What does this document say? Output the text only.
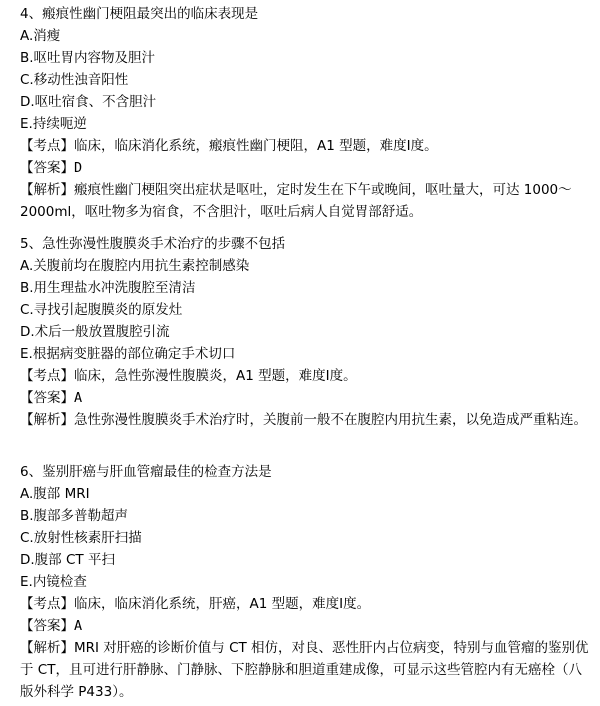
4、瘢痕性幽门梗阻最突出的临床表现是
A.消瘦
B.呕吐胃内容物及胆汁
C.移动性浊音阳性
D.呕吐宿食、不含胆汁
E.持续呃逆
【考点】临床，临床消化系统，瘢痕性幽门梗阻，A1 型题，难度Ⅰ度。
【答案】D
【解析】瘢痕性幽门梗阻突出症状是呕吐，定时发生在下午或晚间，呕吐量大，可达 1000～2000ml，呕吐物多为宿食，不含胆汁，呕吐后病人自觉胃部舒适。
5、急性弥漫性腹膜炎手术治疗的步骤不包括
A.关腹前均在腹腔内用抗生素控制感染
B.用生理盐水冲洗腹腔至清洁
C.寻找引起腹膜炎的原发灶
D.术后一般放置腹腔引流
E.根据病变脏器的部位确定手术切口
【考点】临床，急性弥漫性腹膜炎，A1 型题，难度Ⅰ度。
【答案】A
【解析】急性弥漫性腹膜炎手术治疗时，关腹前一般不在腹腔内用抗生素，以免造成严重粘连。
6、鉴别肝癌与肝血管瘤最佳的检查方法是
A.腹部 MRI
B.腹部多普勒超声
C.放射性核素肝扫描
D.腹部 CT 平扫
E.内镜检查
【考点】临床，临床消化系统，肝癌，A1 型题，难度Ⅰ度。
【答案】A
【解析】MRI 对肝癌的诊断价值与 CT 相仿，对良、恶性肝内占位病变，特别与血管瘤的鉴别优于 CT，且可进行肝静脉、门静脉、下腔静脉和胆道重建成像，可显示这些管腔内有无癌栓（八版外科学 P433）。
